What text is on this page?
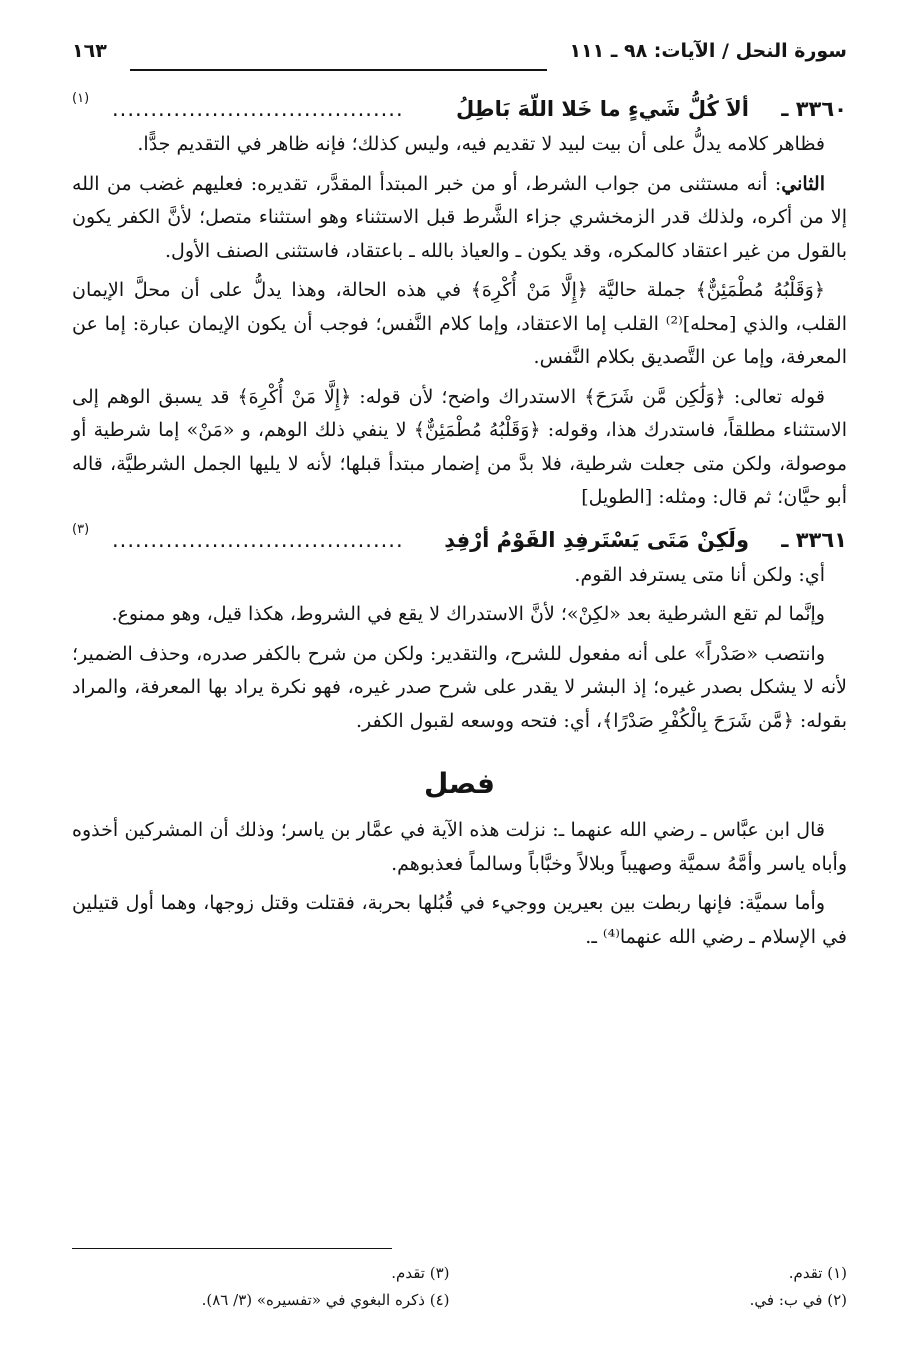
سورة النحل / الآيات: ٩٨ ـ ١١١
١٦٣
٣٣٦٠ ـ
ألاَ كُلُّ شَيءٍ ما خَلا اللّهَ بَاطِلُ
......................................
(١)

فظاهر كلامه يدلُّ على أن بيت لبيد لا تقديم فيه، وليس كذلك؛ فإنه ظاهر في التقديم جدًّا.

الثاني: أنه مستثنى من جواب الشرط، أو من خبر المبتدأ المقدَّر، تقديره: فعليهم غضب من الله إلا من أكره، ولذلك قدر الزمخشري جزاء الشَّرط قبل الاستثناء وهو استثناء متصل؛ لأنَّ الكفر يكون بالقول من غير اعتقاد كالمكره، وقد يكون ـ والعياذ بالله ـ باعتقاد، فاستثنى الصنف الأول.

﴿وَقَلْبُهُ مُطْمَئِنٌّ﴾ جملة حاليَّة ﴿إِلَّا مَنْ أُكْرِهَ﴾ في هذه الحالة، وهذا يدلُّ على أن محلَّ الإيمان القلب، والذي [محله]⁽²⁾ القلب إما الاعتقاد، وإما كلام النَّفس؛ فوجب أن يكون الإيمان عبارة: إما عن المعرفة، وإما عن التَّصديق بكلام النَّفس.

قوله تعالى: ﴿وَلَٰكِن مَّن شَرَحَ﴾ الاستدراك واضح؛ لأن قوله: ﴿إِلَّا مَنْ أُكْرِهَ﴾ قد يسبق الوهم إلى الاستثناء مطلقاً، فاستدرك هذا، وقوله: ﴿وَقَلْبُهُ مُطْمَئِنٌّ﴾ لا ينفي ذلك الوهم، و «مَنْ» إما شرطية أو موصولة، ولكن متى جعلت شرطية، فلا بدَّ من إضمار مبتدأ قبلها؛ لأنه لا يليها الجمل الشرطيَّة، قاله أبو حيَّان؛ ثم قال: ومثله: [الطويل]

٣٣٦١ ـ
ولَكِنْ مَتَى يَسْتَرفِدِ القَوْمُ أرْفِدِ
......................................
(٣)

أي: ولكن أنا متى يسترفد القوم.

وإنَّما لم تقع الشرطية بعد «لكِنْ»؛ لأنَّ الاستدراك لا يقع في الشروط، هكذا قيل، وهو ممنوع.

وانتصب «صَدْراً» على أنه مفعول للشرح، والتقدير: ولكن من شرح بالكفر صدره، وحذف الضمير؛ لأنه لا يشكل بصدر غيره؛ إذ البشر لا يقدر على شرح صدر غيره، فهو نكرة يراد بها المعرفة، والمراد بقوله: ﴿مَّن شَرَحَ بِالْكُفْرِ صَدْرًا﴾، أي: فتحه ووسعه لقبول الكفر.

فصل

قال ابن عبَّاس ـ رضي الله عنهما ـ: نزلت هذه الآية في عمَّار بن ياسر؛ وذلك أن المشركين أخذوه وأباه ياسر وأمَّهُ سميَّة وصهيباً وبلالاً وخبَّاباً وسالماً فعذبوهم.

وأما سميَّة: فإنها ربطت بين بعيرين ووجيء في قُبُلها بحربة، فقتلت وقتل زوجها، وهما أول قتيلين في الإسلام ـ رضي الله عنهما⁽⁴⁾ ـ.

(١) تقدم.
(٣) تقدم.
(٢) في ب: في.
(٤) ذكره البغوي في «تفسيره» (٣/ ٨٦).
